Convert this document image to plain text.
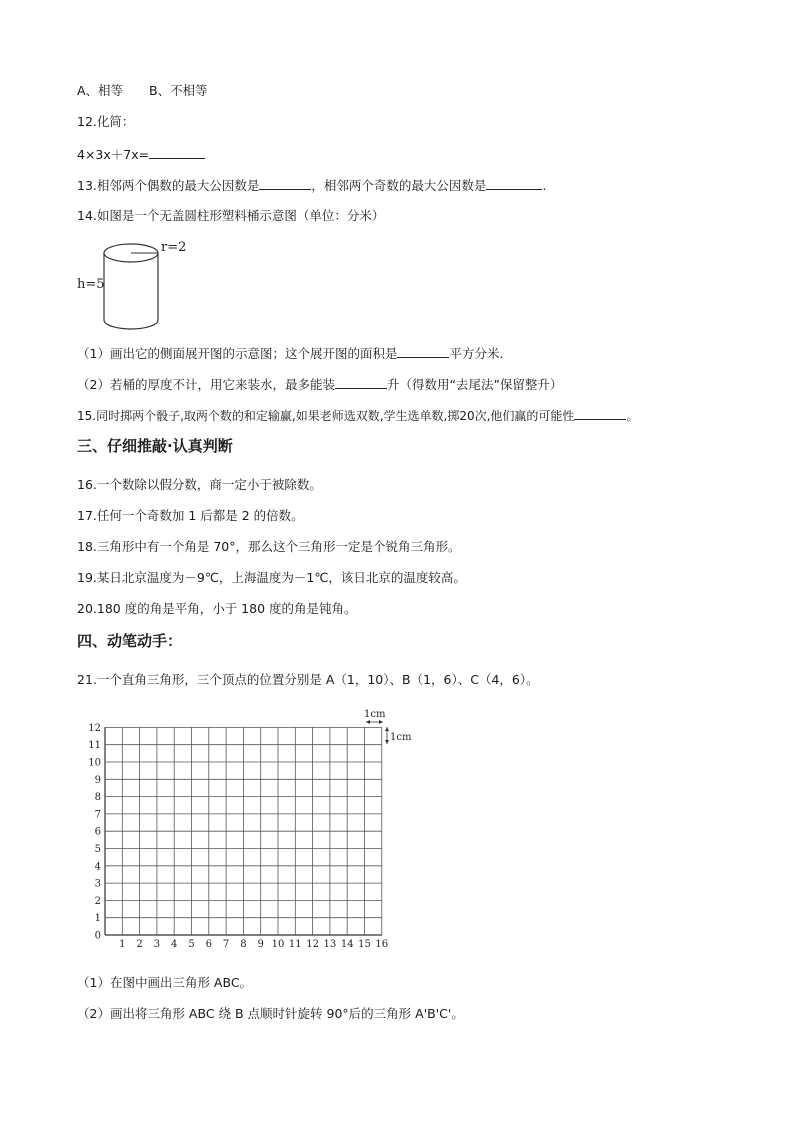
A、相等 B、不相等
12.化简：
4×3x＋7x=
13.相邻两个偶数的最大公因数是	，相邻两个奇数的最大公因数是	.
14.如图是一个无盖圆柱形塑料桶示意图（单位：分米）
r=2
h=5
（1）画出它的侧面展开图的示意图；这个展开图的面积是	平方分米.
（2）若桶的厚度不计，用它来装水，最多能装	升（得数用“去尾法”保留整升）
15.同时掷两个骰子,取两个数的和定输赢,如果老师选双数,学生选单数,掷20次,他们赢的可能性	。
三、仔细推敲·认真判断
16.一个数除以假分数，商一定小于被除数。
17.任何一个奇数加 1 后都是 2 的倍数。
18.三角形中有一个角是 70°，那么这个三角形一定是个锐角三角形。
19.某日北京温度为－9℃，上海温度为－1℃，该日北京的温度较高。
20.180 度的角是平角，小于 180 度的角是钝角。
四、动笔动手：
21.一个直角三角形，三个顶点的位置分别是 A（1，10）、B（1，6）、C（4，6）。
1 2 3 4 5 6 7 8 9 10 11 12 13 14 15 16
0
1
2
3
4
5
6
7
8
9
10
11
12
1cm
1cm
（1）在图中画出三角形 ABC。
（2）画出将三角形 ABC 绕 B 点顺时针旋转 90°后的三角形 A'B'C'。
